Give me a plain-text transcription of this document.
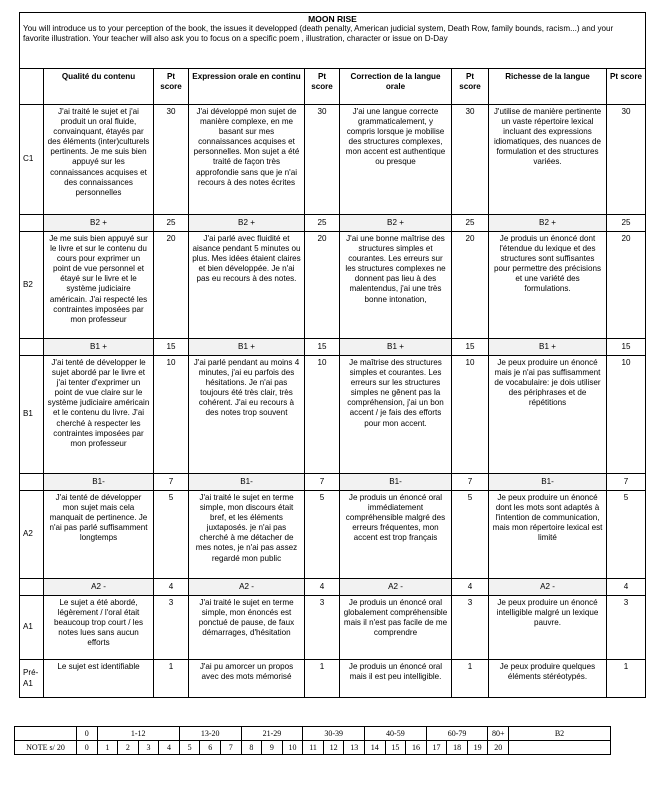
MOON RISE
You will introduce us to your perception of the book, the issues it developped (death penalty, American judicial system, Death Row, family bounds, racism...) and your favorite illustration. Your teacher will also ask you to focus on a specific poem , illustration, character or issue on D-Day								

	Qualité du contenu	Pt score	Expression orale en continu	Pt score	Correction de la langue orale	Pt score	Richesse de la langue	Pt score
C1	J'ai traité le sujet et j'ai produit un oral fluide, convainquant, étayés par des éléments (inter)culturels pertinents. Je me suis bien appuyé sur les connaissances acquises et des connaissances personnelles	30	J'ai développé mon sujet de manière complexe, en me basant sur mes connaissances acquises et personnelles. Mon sujet a été traité de façon très approfondie sans que je n'ai recours à des notes écrites	30	J'ai une langue correcte grammaticalement, y compris lorsque je mobilise des structures complexes, mon accent est authentique ou presque	30	J'utilise de manière pertinente un vaste répertoire lexical incluant des expressions idiomatiques, des nuances de formulation et des structures variées.	30
	B2 +	25	B2 +	25	B2 +	25	B2 +	25
B2	Je me suis bien appuyé sur le livre et sur le contenu du cours pour exprimer un point de vue personnel et étayé sur le livre et le système judiciaire américain. J'ai respecté les contraintes imposées par mon professeur	20	J'ai parlé avec fluidité et aisance pendant 5 minutes ou plus. Mes idées étaient claires et bien développée. Je n'ai pas eu recours à des notes.	20	J'ai une bonne maîtrise des structures simples et courantes. Les erreurs sur les structures complexes ne donnent pas lieu à des malentendus, j'ai une très bonne intonation,	20	Je produis un énoncé dont l'étendue du lexique et des structures sont suffisantes pour permettre des précisions et une variété des formulations.	20
	B1 +	15	B1 +	15	B1 +	15	B1 +	15
B1	J'ai tenté de développer le sujet abordé par le livre et j'ai tenter d'exprimer un point de vue claire sur le système judiciaire américain et le contenu du livre. J'ai cherché à respecter les contraintes imposées par mon professeur	10	J'ai parlé pendant au moins 4 minutes, j'ai eu parfois des hésitations. Je n'ai pas toujours été très clair, très cohérent. J'ai eu recours à des notes trop souvent	10	Je maîtrise des structures simples et courantes. Les erreurs sur les structures simples ne gênent pas la compréhension, j'ai un bon accent / je fais des efforts pour mon accent.	10	Je peux produire un énoncé mais je n'ai pas suffisamment de vocabulaire: je dois utiliser des périphrases et de répétitions	10
	B1-	7	B1-	7	B1-	7	B1-	7
A2	J'ai tenté de développer mon sujet mais cela manquait de pertinence. Je n'ai pas parlé suffisamment longtemps	5	J'ai traité le sujet en terme simple, mon discours était bref, et les éléments juxtaposés. je n'ai pas cherché à me détacher de mes notes, je n'ai pas assez regardé mon public	5	Je produis un énoncé oral immédiatement compréhensible malgré des erreurs fréquentes, mon accent est trop français	5	Je peux produire un énoncé dont les mots sont adaptés à l'intention de communication, mais mon répertoire lexical est limité	5
	A2 -	4	A2 -	4	A2 -	4	A2 -	4
A1	Le sujet a été abordé, légèrement / l'oral était beaucoup trop court / les notes lues sans aucun efforts	3	J'ai traité le sujet en terme simple, mon énoncés est ponctué de pause, de faux démarrages, d'hésitation	3	Je produis un énoncé oral globalement compréhensible mais il n'est pas facile de me comprendre	3	Je peux produire un énoncé intelligible malgré un lexique pauvre.	3
Pré-A1	Le sujet est identifiable	1	J'ai pu amorcer un propos avec des mots mémorisé	1	Je produis un énoncé oral mais il est peu intelligible.	1	Je peux produire quelques éléments stéréotypés.	1
	0	1-12				13-20			21-29			30-39			40-59			60-79			80+	B2
NOTE s/ 20	0	1	2	3	4	5	6	7	8	9	10	11	12	13	14	15	16	17	18	19	20	
